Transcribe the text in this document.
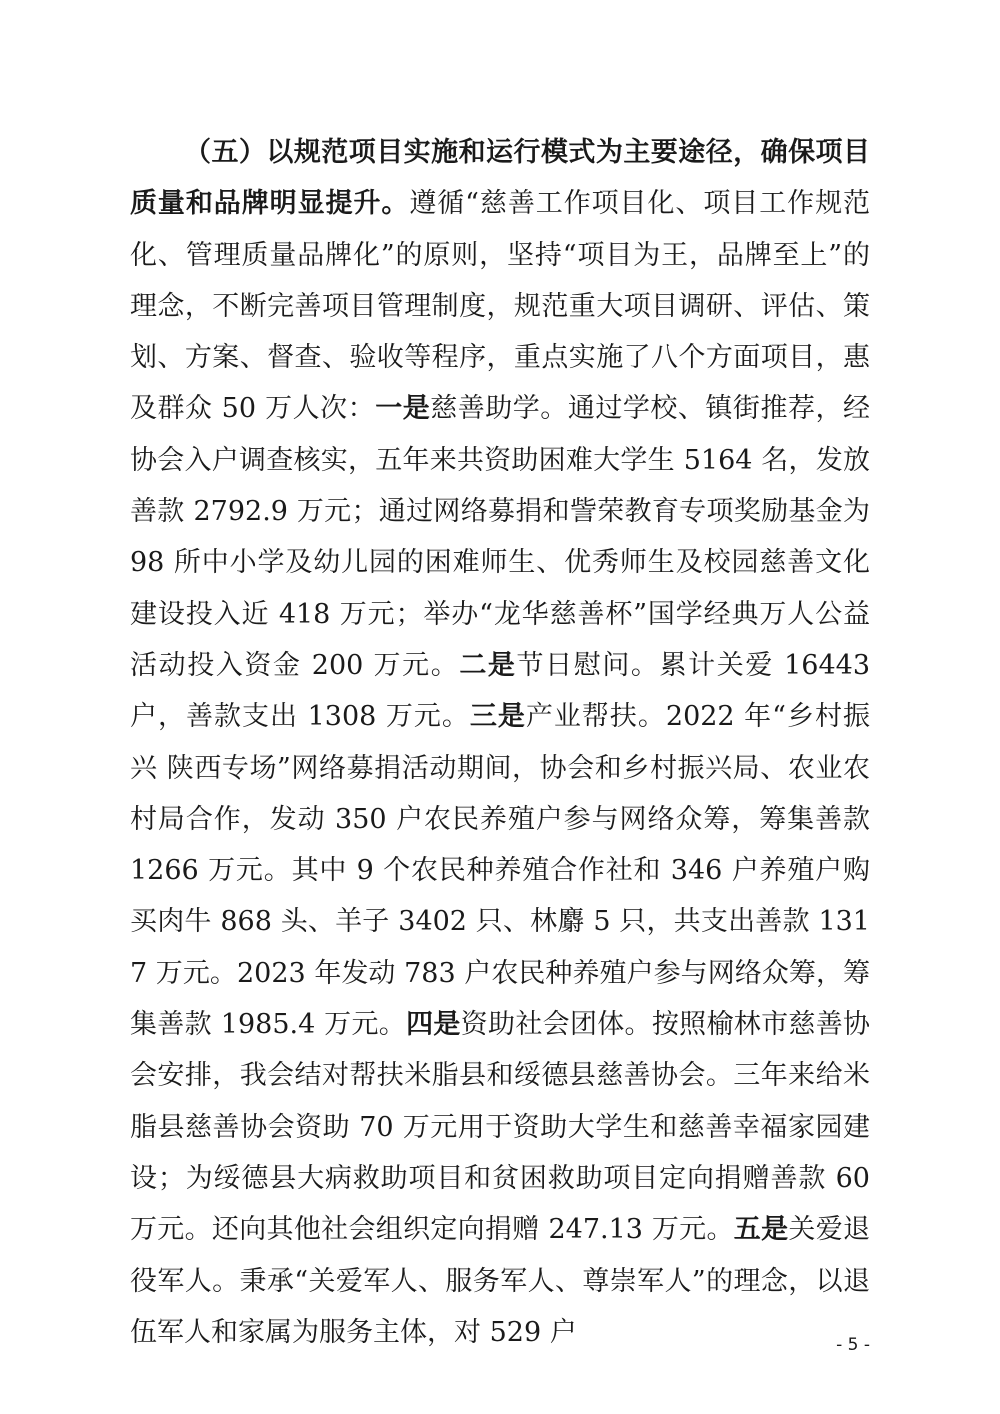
（五）以规范项目实施和运行模式为主要途径，确保项目质量和品牌明显提升。遵循“慈善工作项目化、项目工作规范化、管理质量品牌化”的原则，坚持“项目为王，品牌至上”的理念，不断完善项目管理制度，规范重大项目调研、评估、策划、方案、督查、验收等程序，重点实施了八个方面项目，惠及群众 50 万人次：一是慈善助学。通过学校、镇街推荐，经协会入户调查核实，五年来共资助困难大学生 5164 名，发放善款 2792.9 万元；通过网络募捐和訾荣教育专项奖励基金为 98 所中小学及幼儿园的困难师生、优秀师生及校园慈善文化建设投入近 418 万元；举办“龙华慈善杯”国学经典万人公益活动投入资金 200 万元。二是节日慰问。累计关爱 16443 户，善款支出 1308 万元。三是产业帮扶。2022 年“乡村振兴 陕西专场”网络募捐活动期间，协会和乡村振兴局、农业农村局合作，发动 350 户农民养殖户参与网络众筹，筹集善款 1266 万元。其中 9 个农民种养殖合作社和 346 户养殖户购买肉牛 868 头、羊子 3402 只、林麝 5 只，共支出善款 1317 万元。2023 年发动 783 户农民种养殖户参与网络众筹，筹集善款 1985.4 万元。四是资助社会团体。按照榆林市慈善协会安排，我会结对帮扶米脂县和绥德县慈善协会。三年来给米脂县慈善协会资助 70 万元用于资助大学生和慈善幸福家园建设；为绥德县大病救助项目和贫困救助项目定向捐赠善款 60 万元。还向其他社会组织定向捐赠 247.13 万元。五是关爱退役军人。秉承“关爱军人、服务军人、尊崇军人”的理念，以退伍军人和家属为服务主体，对 529 户	- 5 -
